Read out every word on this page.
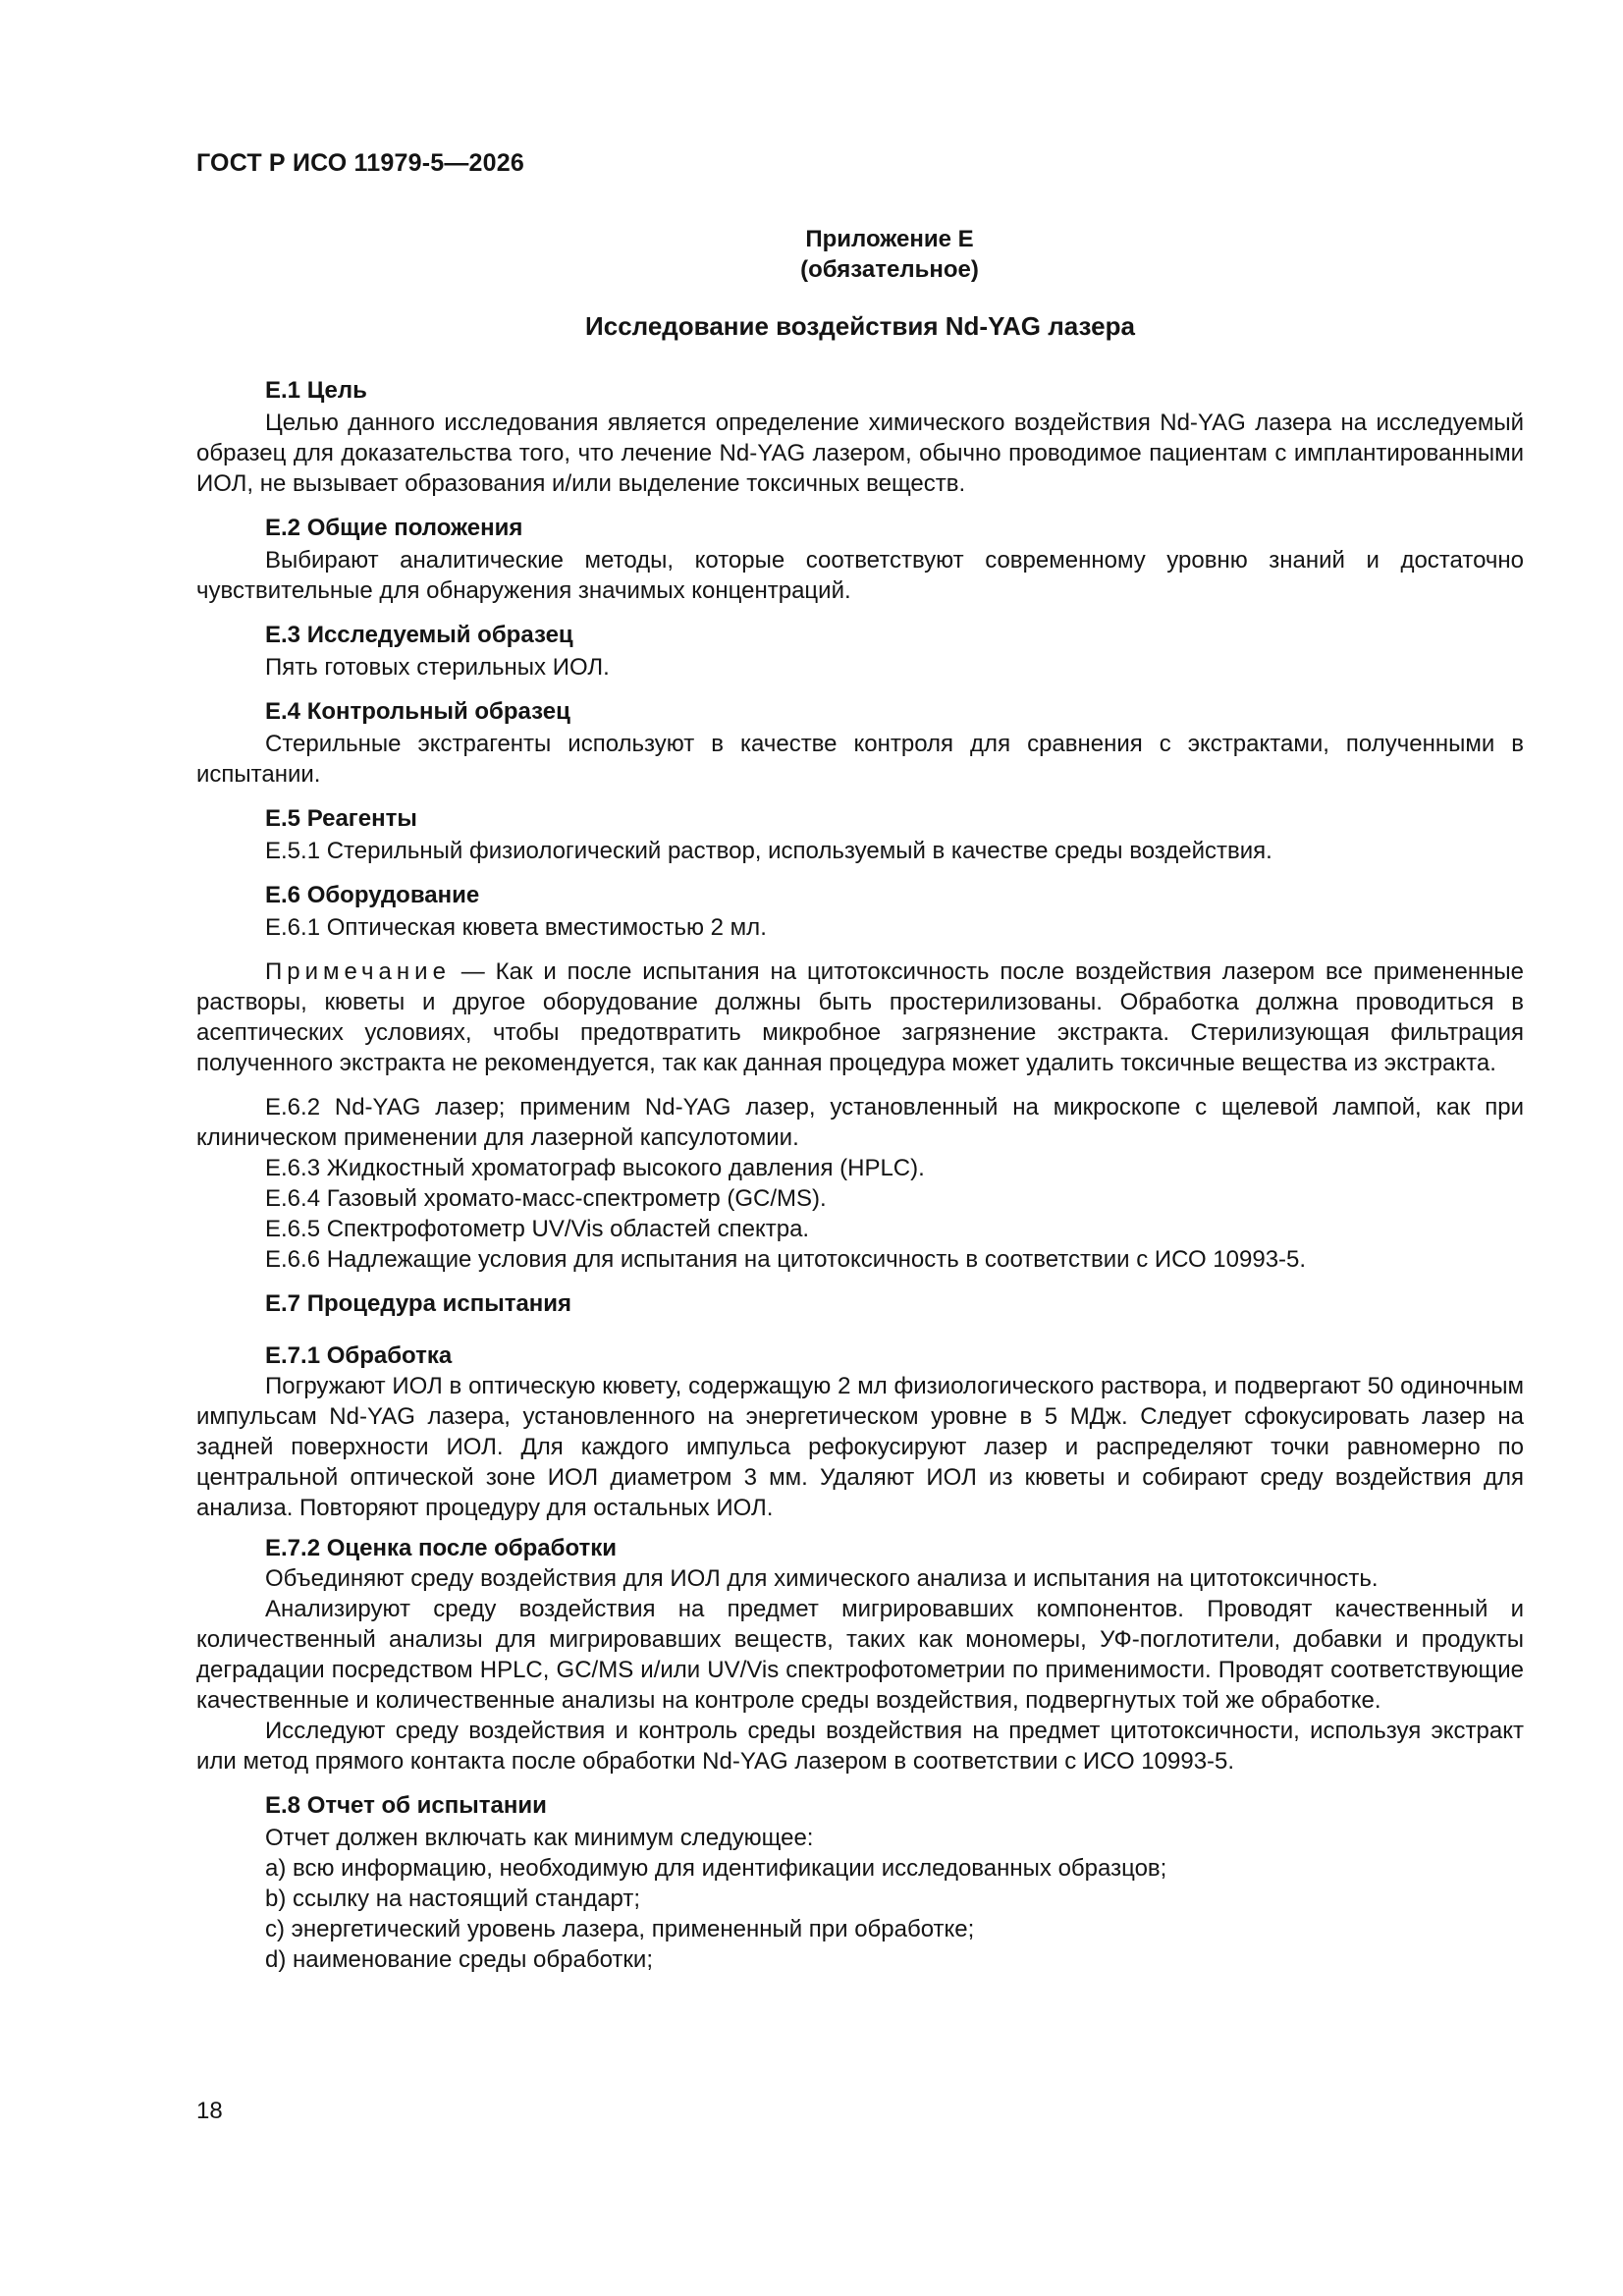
ГОСТ Р ИСО 11979-5—2026
Приложение Е
(обязательное)
Исследование воздействия Nd-YAG лазера
Е.1 Цель

Целью данного исследования является определение химического воздействия Nd-YAG лазера на исследуемый образец для доказательства того, что лечение Nd-YAG лазером, обычно проводимое пациентам с имплантированными ИОЛ, не вызывает образования и/или выделение токсичных веществ.

Е.2 Общие положения

Выбирают аналитические методы, которые соответствуют современному уровню знаний и достаточно чувствительные для обнаружения значимых концентраций.

Е.3 Исследуемый образец

Пять готовых стерильных ИОЛ.

Е.4 Контрольный образец

Стерильные экстрагенты используют в качестве контроля для сравнения с экстрактами, полученными в испытании.

Е.5 Реагенты

Е.5.1 Стерильный физиологический раствор, используемый в качестве среды воздействия.

Е.6 Оборудование

Е.6.1 Оптическая кювета вместимостью 2 мл.

Примечание — Как и после испытания на цитотоксичность после воздействия лазером все примененные растворы, кюветы и другое оборудование должны быть простерилизованы. Обработка должна проводиться в асептических условиях, чтобы предотвратить микробное загрязнение экстракта. Стерилизующая фильтрация полученного экстракта не рекомендуется, так как данная процедура может удалить токсичные вещества из экстракта.

Е.6.2 Nd-YAG лазер; применим Nd-YAG лазер, установленный на микроскопе с щелевой лампой, как при клиническом применении для лазерной капсулотомии.

Е.6.3 Жидкостный хроматограф высокого давления (HPLC).

Е.6.4 Газовый хромато-масс-спектрометр (GC/MS).

Е.6.5 Спектрофотометр UV/Vis областей спектра.

Е.6.6 Надлежащие условия для испытания на цитотоксичность в соответствии с ИСО 10993-5.

Е.7 Процедура испытания
Е.7.1 Обработка

Погружают ИОЛ в оптическую кювету, содержащую 2 мл физиологического раствора, и подвергают 50 одиночным импульсам Nd-YAG лазера, установленного на энергетическом уровне в 5 МДж. Следует сфокусировать лазер на задней поверхности ИОЛ. Для каждого импульса рефокусируют лазер и распределяют точки равномерно по центральной оптической зоне ИОЛ диаметром 3 мм. Удаляют ИОЛ из кюветы и собирают среду воздействия для анализа. Повторяют процедуру для остальных ИОЛ.

Е.7.2 Оценка после обработки

Объединяют среду воздействия для ИОЛ для химического анализа и испытания на цитотоксичность.

Анализируют среду воздействия на предмет мигрировавших компонентов. Проводят качественный и количественный анализы для мигрировавших веществ, таких как мономеры, УФ-поглотители, добавки и продукты деградации посредством HPLC, GC/MS и/или UV/Vis спектрофотометрии по применимости. Проводят соответствующие качественные и количественные анализы на контроле среды воздействия, подвергнутых той же обработке.

Исследуют среду воздействия и контроль среды воздействия на предмет цитотоксичности, используя экстракт или метод прямого контакта после обработки Nd-YAG лазером в соответствии с ИСО 10993-5.

Е.8 Отчет об испытании

Отчет должен включать как минимум следующее:

a) всю информацию, необходимую для идентификации исследованных образцов;

b) ссылку на настоящий стандарт;

c) энергетический уровень лазера, примененный при обработке;

d) наименование среды обработки;

18
